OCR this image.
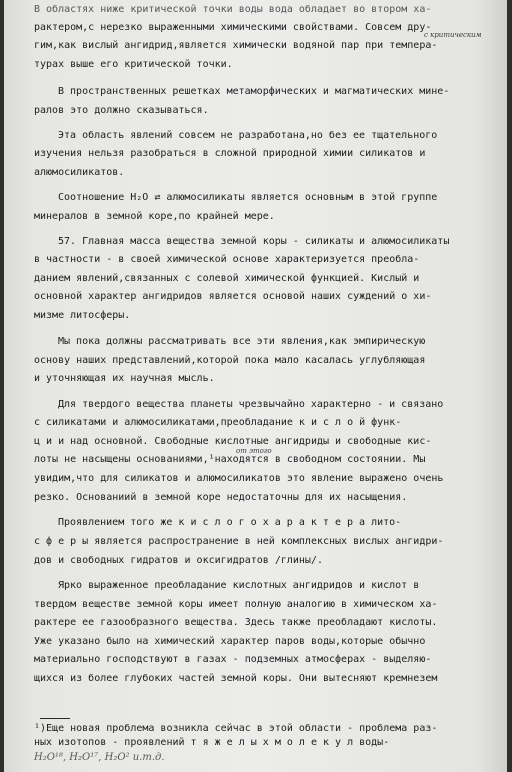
В областях ниже критической точки воды вода обладает во втором ха-
рактером,с нерезко выраженными химическими свойствами. Совсем дру-
гим,как вислый ангидрид,является химически водяной пар при темпера-
турах выше его критической точки.
В пространственных решетках метаморфических и магматических мине-
ралов это должно сказываться.
Эта область явлений совсем не разработана,но без ее тщательного
изучения нельзя разобраться в сложной природной химии силикатов и
алюмосиликатов.
Соотношение H₂O ⇄ алюмосиликаты является основным в этой группе
минералов в земной коре,по крайней мере.
57. Главная масса вещества земной коры - силикаты и алюмосиликаты
в частности - в своей химической основе характеризуется преобла-
данием явлений,связанных с солевой химической функцией. Кислый и
основной характер ангидридов является основой наших суждений о хи-
мизме литосферы.
Мы пока должны рассматривать все эти явления,как эмпирическую
основу наших представлений,которой пока мало касалась углубляющая
и уточняющая их научная мысль.
Для твердого вещества планеты чрезвычайно характерно - и связано
с силикатами и алюмосиликатами,преобладание к и с л о й функ-
ц и и над основной. Свободные кислотные ангидриды и свободные кис-
лоты не насыщены основаниями,¹находятся в свободном состоянии. Мы
увидим,что для силикатов и алюмосиликатов это явление выражено очень
резко. Основаниий в земной коре недостаточны для их насыщения.
Проявлением того же к и с л о г о х а р а к т е р а лито-
с ф е р ы является распространение в ней комплексных вислых ангидри-
дов и свободных гидратов и оксигидратов /глины/.
Ярко выраженное преобладание кислотных ангидридов и кислот в
твердом веществе земной коры имеет полную аналогию в химическом ха-
рактере ее газообразного вещества. Здесь также преобладают кислоты.
Уже указано было на химический характер паров воды,которые обычно
материально господствуют в газах - подземных атмосферах - выделяю-
щихся из более глубоких частей земной коры. Они вытесняют кремнезем
¹)Еще новая проблема возникла сейчас в этой области - проблема раз-
ных изотопов - проявлений т я ж е л ы х м о л е к у л воды-
H₂O¹⁸, H₂O¹⁷, H₂O² и.т.д.
с критическим
от этого
